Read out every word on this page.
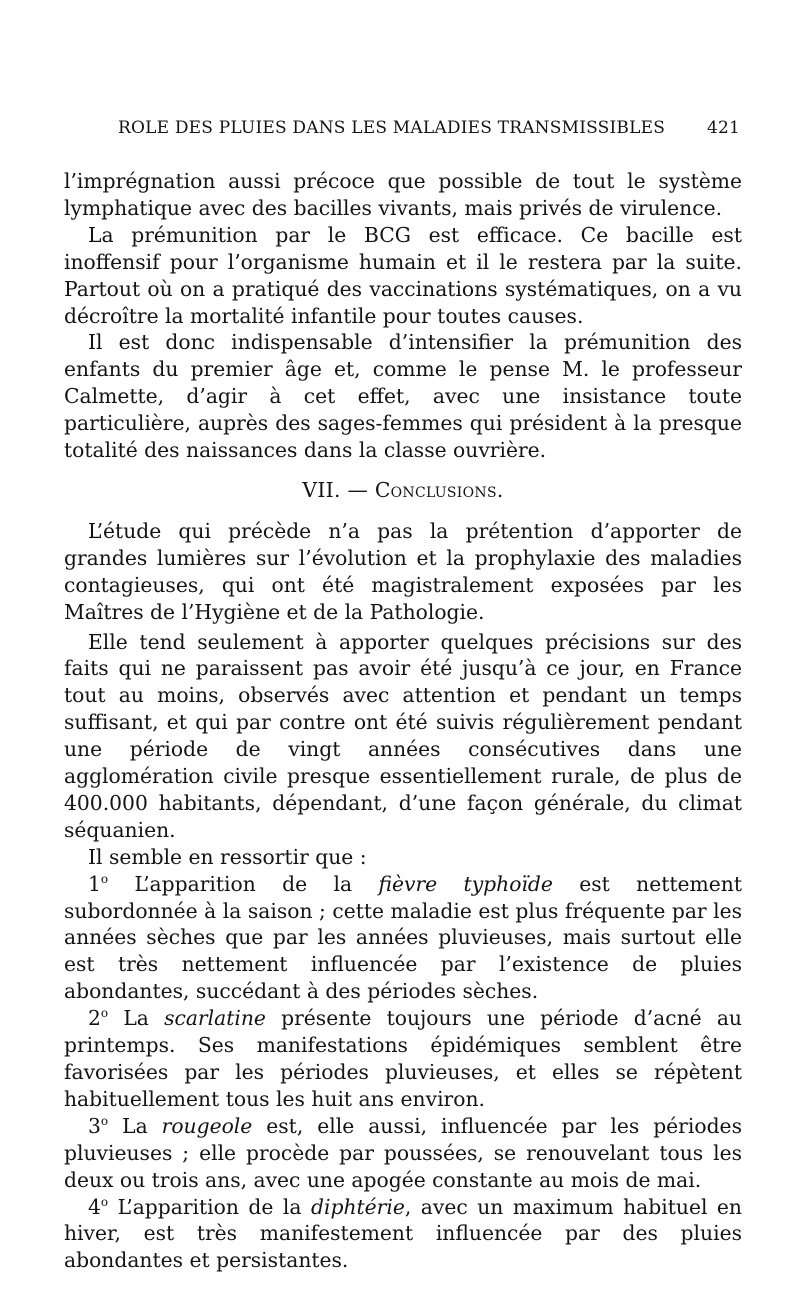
ROLE DES PLUIES DANS LES MALADIES TRANSMISSIBLES 421

l’imprégnation aussi précoce que possible de tout le système lymphatique avec des bacilles vivants, mais privés de virulence.

La prémunition par le BCG est efficace. Ce bacille est inoffensif pour l’organisme humain et il le restera par la suite. Partout où on a pratiqué des vaccinations systématiques, on a vu décroître la mortalité infantile pour toutes causes.

Il est donc indispensable d’intensifier la prémunition des enfants du premier âge et, comme le pense M. le professeur Calmette, d’agir à cet effet, avec une insistance toute particulière, auprès des sages-femmes qui président à la presque totalité des naissances dans la classe ouvrière.

VII. — Conclusions.

L’étude qui précède n’a pas la prétention d’apporter de grandes lumières sur l’évolution et la prophylaxie des maladies contagieuses, qui ont été magistralement exposées par les Maîtres de l’Hygiène et de la Pathologie.

Elle tend seulement à apporter quelques précisions sur des faits qui ne paraissent pas avoir été jusqu’à ce jour, en France tout au moins, observés avec attention et pendant un temps suffisant, et qui par contre ont été suivis régulièrement pendant une période de vingt années consécutives dans une agglomération civile presque essentiellement rurale, de plus de 400.000 habitants, dépendant, d’une façon générale, du climat séquanien.

Il semble en ressortir que :

1$^o$ L’apparition de la fièvre typhoïde est nettement subordonnée à la saison ; cette maladie est plus fréquente par les années sèches que par les années pluvieuses, mais surtout elle est très nettement influencée par l’existence de pluies abondantes, succédant à des périodes sèches.

2$^o$ La scarlatine présente toujours une période d’acné au printemps. Ses manifestations épidémiques semblent être favorisées par les périodes pluvieuses, et elles se répètent habituellement tous les huit ans environ.

3$^o$ La rougeole est, elle aussi, influencée par les périodes pluvieuses ; elle procède par poussées, se renouvelant tous les deux ou trois ans, avec une apogée constante au mois de mai.

4$^o$ L’apparition de la diphtérie, avec un maximum habituel en hiver, est très manifestement influencée par des pluies abondantes et persistantes.
